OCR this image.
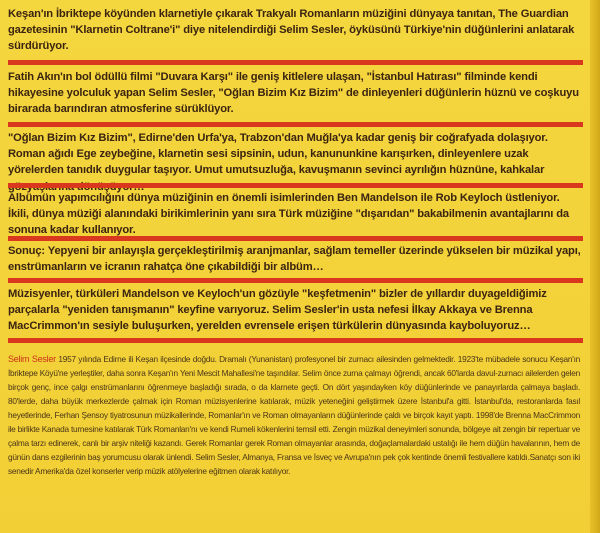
Keşan'ın İbriktepe köyünden klarnetiyle çıkarak Trakyalı Romanların müziğini dünyaya tanıtan, The Guardian gazetesinin "Klarnetin Coltrane'i" diye nitelendirdiği Selim Sesler, öyküsünü Türkiye'nin düğünlerini anlatarak sürdürüyor.
Fatih Akın'ın bol ödüllü filmi "Duvara Karşı" ile geniş kitlelere ulaşan, "İstanbul Hatırası" filminde kendi hikayesine yolculuk yapan Selim Sesler, "Oğlan Bizim Kız Bizim" de dinleyenleri düğünlerin hüznü ve coşkuyu birarada barındıran atmosferine sürüklüyor.
"Oğlan Bizim Kız Bizim", Edirne'den Urfa'ya, Trabzon'dan Muğla'ya kadar geniş bir coğrafyada dolaşıyor. Roman ağıdı Ege zeybeğine, klarnetin sesi sipsinin, udun, kanununkine karışırken, dinleyenlere uzak yörelerden tanıdık duygular taşıyor. Umut umutsuzluğa, kavuşmanın sevinci ayrılığın hüznüne, kahkalar
Albümün yapımcılığını dünya müziğinin en önemli isimlerinden Ben Mandelson ile Rob Keyloch üstleniyor. İkili, dünya müziği alanındaki birikimlerinin yanı sıra Türk müziğine "dışarıdan" bakabilmenin avantajlarını da sonuna kadar kullanıyor.
Sonuç: Yepyeni bir anlayışla gerçekleştirilmiş aranjmanlar, sağlam temeller üzerinde yükselen bir müzikal yapı, enstrümanların ve icranın rahatça öne çıkabildiği bir albüm…
Müzisyenler, türküleri Mandelson ve Keyloch'un gözüyle "keşfetmenin" bizler de yıllardır duyageldiğimiz parçalarla "yeniden tanışmanın" keyfine varıyoruz. Selim Sesler'in usta nefesi İlkay Akkaya ve Brenna MacCrimmon'ın sesiyle buluşurken, yerelden evrensele erişen türkülerin dünyasında kayboluyoruz…
Selim Sesler 1957 yılında Edirne ili Keşan ilçesinde doğdu. Dramalı (Yunanistan) profesyonel bir zurnacı ailesinden gelmektedir. 1923'te mübadele sonucu Keşan'ın İbriktepe Köyü'ne yerleştiler, daha sonra Keşan'ın Yeni Mescit Mahallesi'ne taşındılar. Selim önce zurna çalmayı öğrendi, ancak 60'larda davul-zurnacı ailelerden gelen birçok genç, ince çalgı enstrümanlarını öğrenmeye başladığı sırada, o da klarnete geçti. On dört yaşındayken köy düğünlerinde ve panayırlarda çalmaya başladı. 80'lerde, daha büyük merkezlerde çalmak için Roman müzisyenlerine katılarak, müzik yeteneğini geliştirmek üzere İstanbul'a gitti. İstanbul'da, restoranlarda fasıl heyetlerinde, Ferhan Şensoy tiyatrosunun müzikallerinde, Romanlar'ın ve Roman olmayanların düğünlerinde çaldı ve birçok kayıt yaptı. 1998'de Brenna MacCrimmon ile birlikte Kanada turnesine katılarak Türk Romanları'nı ve kendi Rumeli kökenlerini temsil etti. Zengin müzikal deneyimleri sonunda, bölgeye ait zengin bir repertuar ve çalma tarzı edinerek, canlı bir arşiv niteliği kazandı. Gerek Romanlar gerek Roman olmayanlar arasında, doğaçlamalardaki ustalığı ile hem düğün havalarının, hem de günün dans ezgilerinin baş yorumcusu olarak ünlendi. Selim Sesler, Almanya, Fransa ve İsveç ve Avrupa'nın pek çok kentinde önemli festivallere katıldı.Sanatçı son iki senedir Amerika'da özel konserler verip müzik atölyelerine eğitmen olarak katılıyor.
